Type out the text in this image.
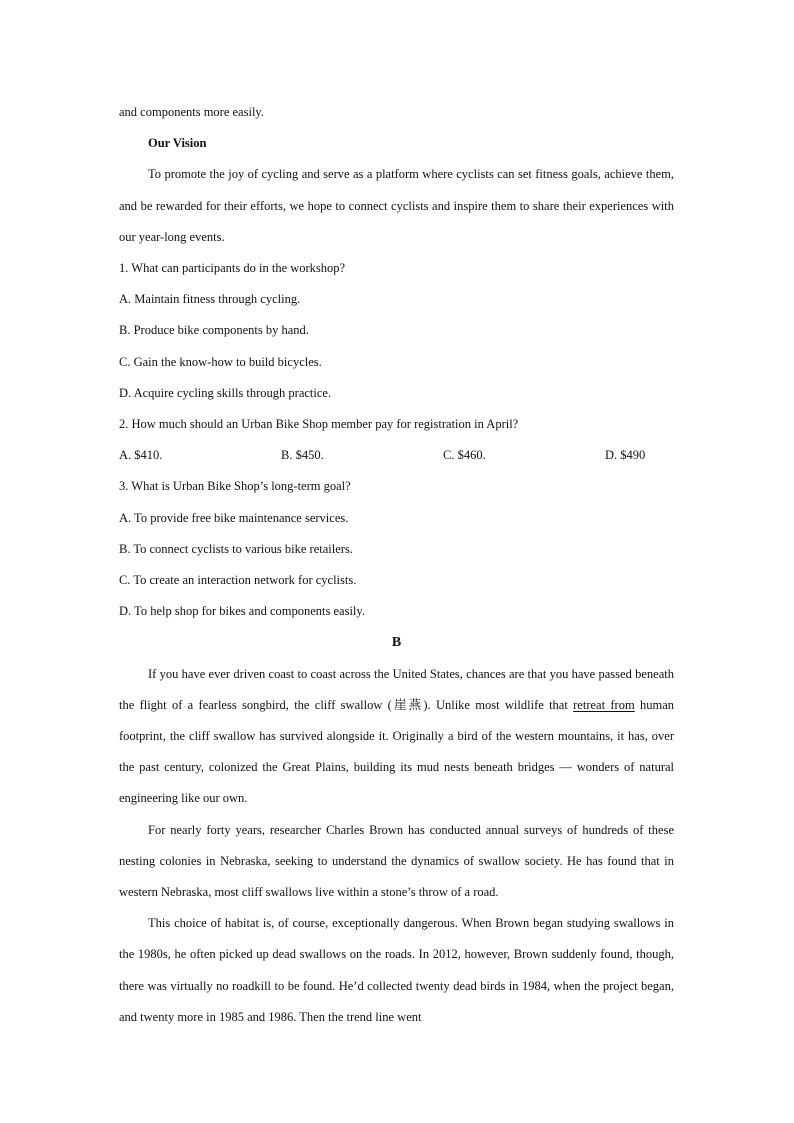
and components more easily.

Our Vision

To promote the joy of cycling and serve as a platform where cyclists can set fitness goals, achieve them, and be rewarded for their efforts, we hope to connect cyclists and inspire them to share their experiences with our year-long events.

1. What can participants do in the workshop?

A. Maintain fitness through cycling.

B. Produce bike components by hand.

C. Gain the know-how to build bicycles.

D. Acquire cycling skills through practice.

2. How much should an Urban Bike Shop member pay for registration in April?

A. $410.	B. $450.	C. $460.	D. $490

3. What is Urban Bike Shop’s long-term goal?

A. To provide free bike maintenance services.

B. To connect cyclists to various bike retailers.

C. To create an interaction network for cyclists.

D. To help shop for bikes and components easily.

B

If you have ever driven coast to coast across the United States, chances are that you have passed beneath the flight of a fearless songbird, the cliff swallow (崖燕). Unlike most wildlife that retreat from human footprint, the cliff swallow has survived alongside it. Originally a bird of the western mountains, it has, over the past century, colonized the Great Plains, building its mud nests beneath bridges — wonders of natural engineering like our own.

For nearly forty years, researcher Charles Brown has conducted annual surveys of hundreds of these nesting colonies in Nebraska, seeking to understand the dynamics of swallow society. He has found that in western Nebraska, most cliff swallows live within a stone’s throw of a road.

This choice of habitat is, of course, exceptionally dangerous. When Brown began studying swallows in the 1980s, he often picked up dead swallows on the roads. In 2012, however, Brown suddenly found, though, there was virtually no roadkill to be found. He’d collected twenty dead birds in 1984, when the project began, and twenty more in 1985 and 1986. Then the trend line went
